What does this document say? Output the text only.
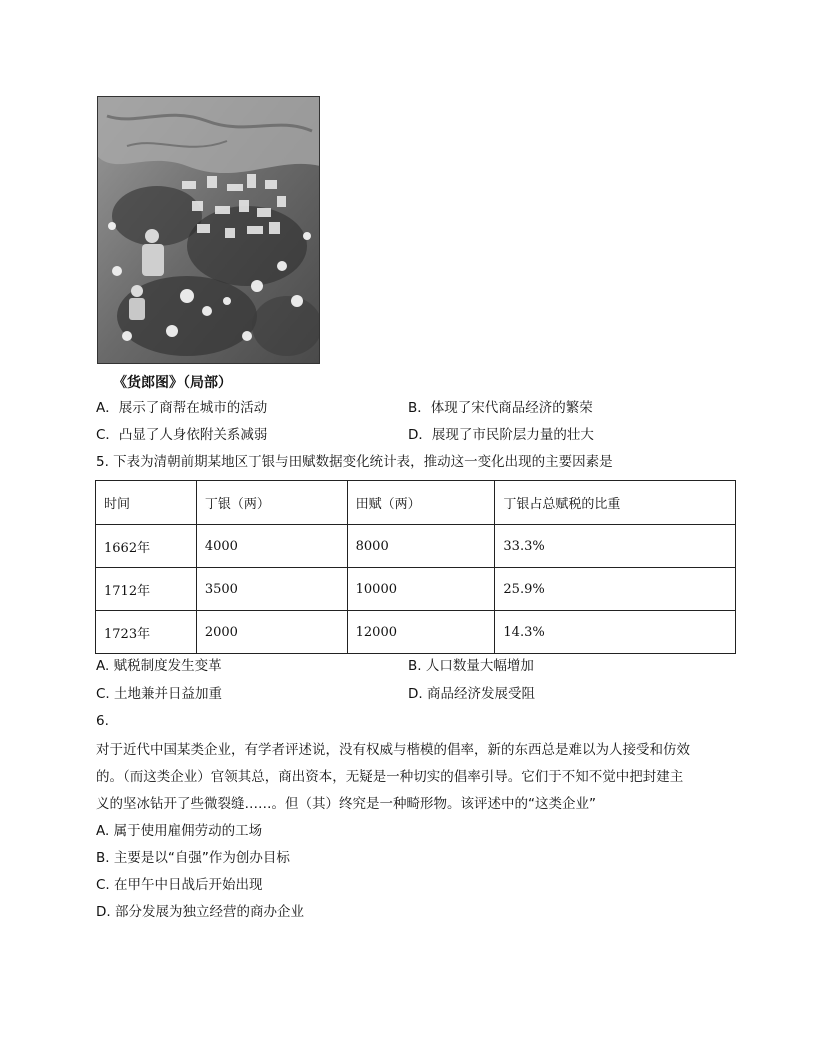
《货郎图》（局部）
A．展示了商帮在城市的活动	B．体现了宋代商品经济的繁荣
C．凸显了人身依附关系减弱	D．展现了市民阶层力量的壮大
5. 下表为清朝前期某地区丁银与田赋数据变化统计表，推动这一变化出现的主要因素是
时间	丁银（两）	田赋（两）	丁银占总赋税的比重
1662年	4000	8000	33.3%
1712年	3500	10000	25.9%
1723年	2000	12000	14.3%
A. 赋税制度发生变革	B. 人口数量大幅增加
C. 土地兼并日益加重	D. 商品经济发展受阻
6.
对于近代中国某类企业，有学者评述说，没有权威与楷模的倡率，新的东西总是难以为人接受和仿效
的。（而这类企业）官领其总，商出资本，无疑是一种切实的倡率引导。它们于不知不觉中把封建主
义的坚冰钻开了些微裂缝……。但（其）终究是一种畸形物。该评述中的“这类企业”
A. 属于使用雇佣劳动的工场
B. 主要是以“自强”作为创办目标
C. 在甲午中日战后开始出现
D. 部分发展为独立经营的商办企业
